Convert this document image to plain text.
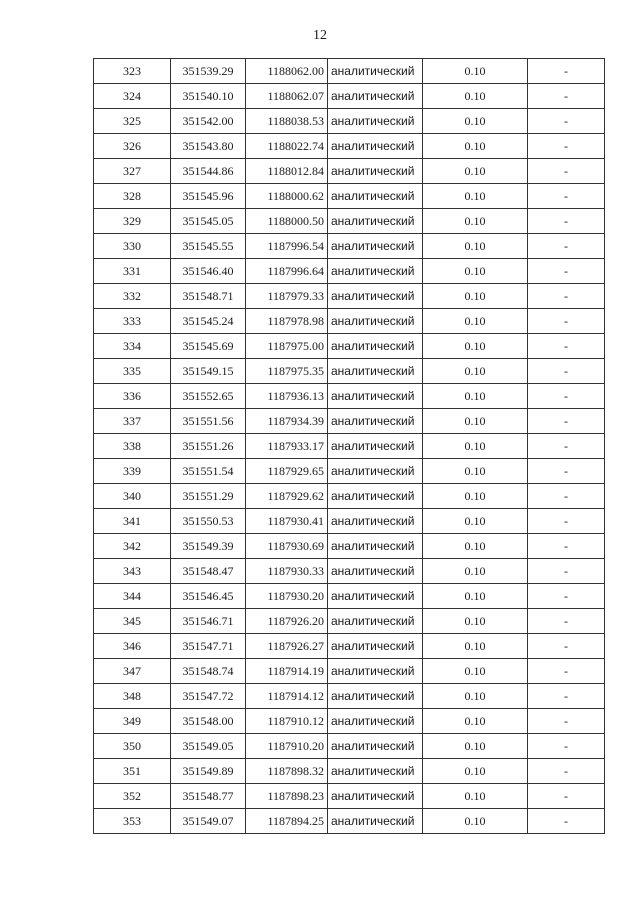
12
323	351539.29	1188062.00	аналитический	0.10	-
324	351540.10	1188062.07	аналитический	0.10	-
325	351542.00	1188038.53	аналитический	0.10	-
326	351543.80	1188022.74	аналитический	0.10	-
327	351544.86	1188012.84	аналитический	0.10	-
328	351545.96	1188000.62	аналитический	0.10	-
329	351545.05	1188000.50	аналитический	0.10	-
330	351545.55	1187996.54	аналитический	0.10	-
331	351546.40	1187996.64	аналитический	0.10	-
332	351548.71	1187979.33	аналитический	0.10	-
333	351545.24	1187978.98	аналитический	0.10	-
334	351545.69	1187975.00	аналитический	0.10	-
335	351549.15	1187975.35	аналитический	0.10	-
336	351552.65	1187936.13	аналитический	0.10	-
337	351551.56	1187934.39	аналитический	0.10	-
338	351551.26	1187933.17	аналитический	0.10	-
339	351551.54	1187929.65	аналитический	0.10	-
340	351551.29	1187929.62	аналитический	0.10	-
341	351550.53	1187930.41	аналитический	0.10	-
342	351549.39	1187930.69	аналитический	0.10	-
343	351548.47	1187930.33	аналитический	0.10	-
344	351546.45	1187930.20	аналитический	0.10	-
345	351546.71	1187926.20	аналитический	0.10	-
346	351547.71	1187926.27	аналитический	0.10	-
347	351548.74	1187914.19	аналитический	0.10	-
348	351547.72	1187914.12	аналитический	0.10	-
349	351548.00	1187910.12	аналитический	0.10	-
350	351549.05	1187910.20	аналитический	0.10	-
351	351549.89	1187898.32	аналитический	0.10	-
352	351548.77	1187898.23	аналитический	0.10	-
353	351549.07	1187894.25	аналитический	0.10	-
